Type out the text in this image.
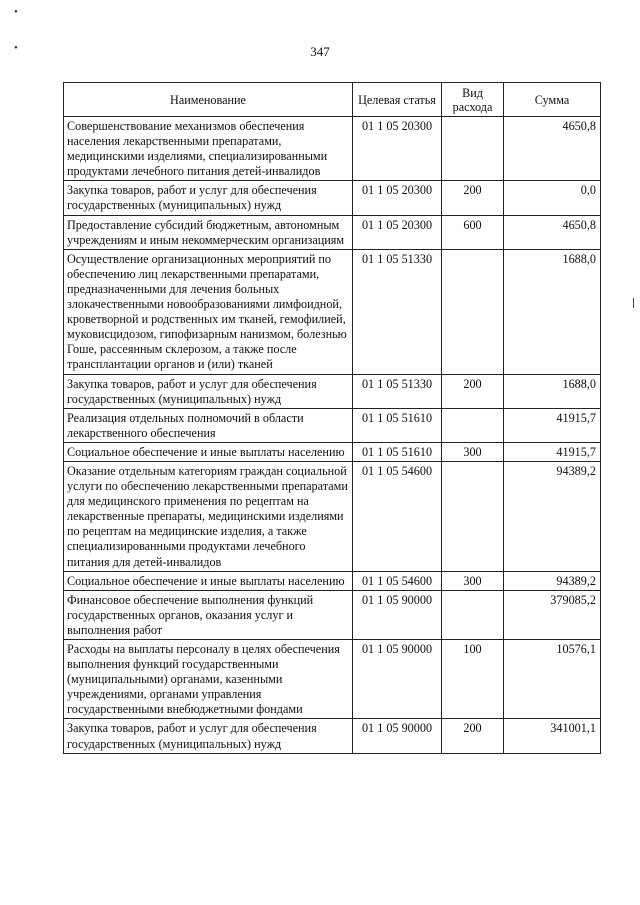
•
•	347
Наименование	Целевая статья	Вид расхода	Сумма
Совершенствование механизмов обеспечения населения лекарственными препаратами, медицинскими изделиями, специализированными продуктами лечебного питания детей-инвалидов	01 1 05 20300		4650,8
Закупка товаров, работ и услуг для обеспечения государственных (муниципальных) нужд	01 1 05 20300	200	0,0
Предоставление субсидий бюджетным, автономным учреждениям и иным некоммерческим организациям	01 1 05 20300	600	4650,8
Осуществление организационных мероприятий по обеспечению лиц лекарственными препаратами, предназначенными для лечения больных злокачественными новообразованиями лимфоидной, кроветворной и родственных им тканей, гемофилией, муковисцидозом, гипофизарным нанизмом, болезнью Гоше, рассеянным склерозом, а также после трансплантации органов и (или) тканей	01 1 05 51330		1688,0
Закупка товаров, работ и услуг для обеспечения государственных (муниципальных) нужд	01 1 05 51330	200	1688,0
Реализация отдельных полномочий в области лекарственного обеспечения	01 1 05 51610		41915,7
Социальное обеспечение и иные выплаты населению	01 1 05 51610	300	41915,7
Оказание отдельным категориям граждан социальной услуги по обеспечению лекарственными препаратами для медицинского применения по рецептам на лекарственные препараты, медицинскими изделиями по рецептам на медицинские изделия, а также специализированными продуктами лечебного питания для детей-инвалидов	01 1 05 54600		94389,2
Социальное обеспечение и иные выплаты населению	01 1 05 54600	300	94389,2
Финансовое обеспечение выполнения функций государственных органов, оказания услуг и выполнения работ	01 1 05 90000		379085,2
Расходы на выплаты персоналу в целях обеспечения выполнения функций государственными (муниципальными) органами, казенными учреждениями, органами управления государственными внебюджетными фондами	01 1 05 90000	100	10576,1
Закупка товаров, работ и услуг для обеспечения государственных (муниципальных) нужд	01 1 05 90000	200	341001,1
